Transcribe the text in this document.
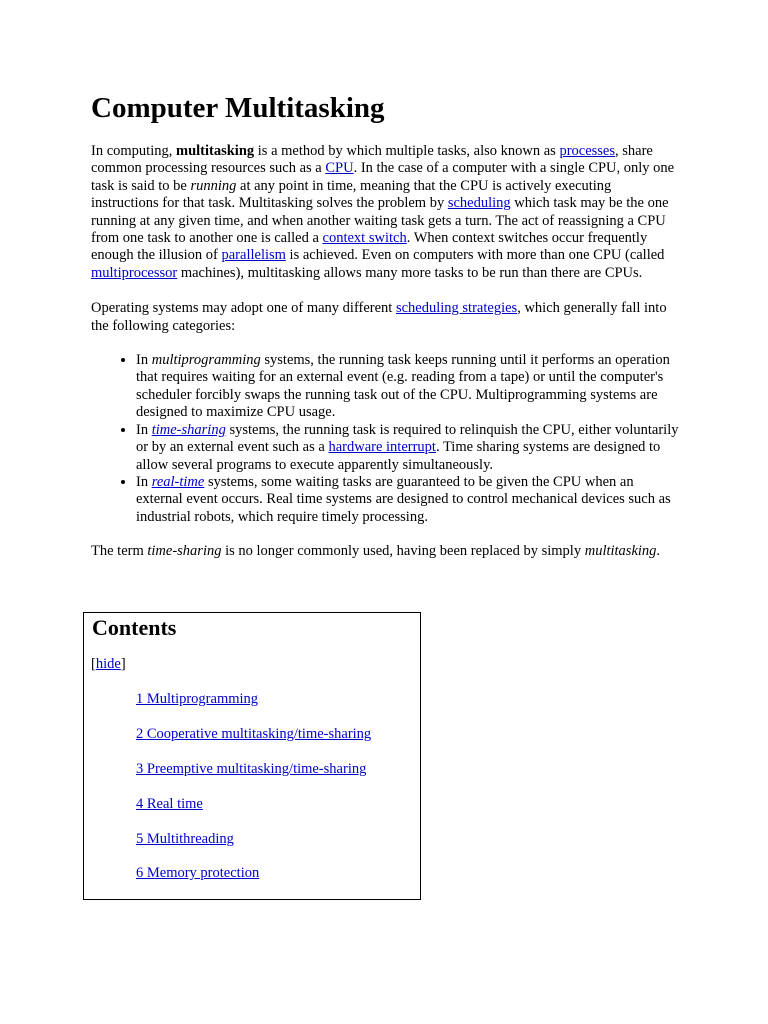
Computer Multitasking

In computing, multitasking is a method by which multiple tasks, also known as processes, share common processing resources such as a CPU. In the case of a computer with a single CPU, only one task is said to be running at any point in time, meaning that the CPU is actively executing instructions for that task. Multitasking solves the problem by scheduling which task may be the one running at any given time, and when another waiting task gets a turn. The act of reassigning a CPU from one task to another one is called a context switch. When context switches occur frequently enough the illusion of parallelism is achieved. Even on computers with more than one CPU (called multiprocessor machines), multitasking allows many more tasks to be run than there are CPUs.

Operating systems may adopt one of many different scheduling strategies, which generally fall into the following categories:

• In multiprogramming systems, the running task keeps running until it performs an operation that requires waiting for an external event (e.g. reading from a tape) or until the computer's scheduler forcibly swaps the running task out of the CPU. Multiprogramming systems are designed to maximize CPU usage.
• In time-sharing systems, the running task is required to relinquish the CPU, either voluntarily or by an external event such as a hardware interrupt. Time sharing systems are designed to allow several programs to execute apparently simultaneously.
• In real-time systems, some waiting tasks are guaranteed to be given the CPU when an external event occurs. Real time systems are designed to control mechanical devices such as industrial robots, which require timely processing.

The term time-sharing is no longer commonly used, having been replaced by simply multitasking.

Contents
[hide]
1 Multiprogramming
2 Cooperative multitasking/time-sharing
3 Preemptive multitasking/time-sharing
4 Real time
5 Multithreading
6 Memory protection
